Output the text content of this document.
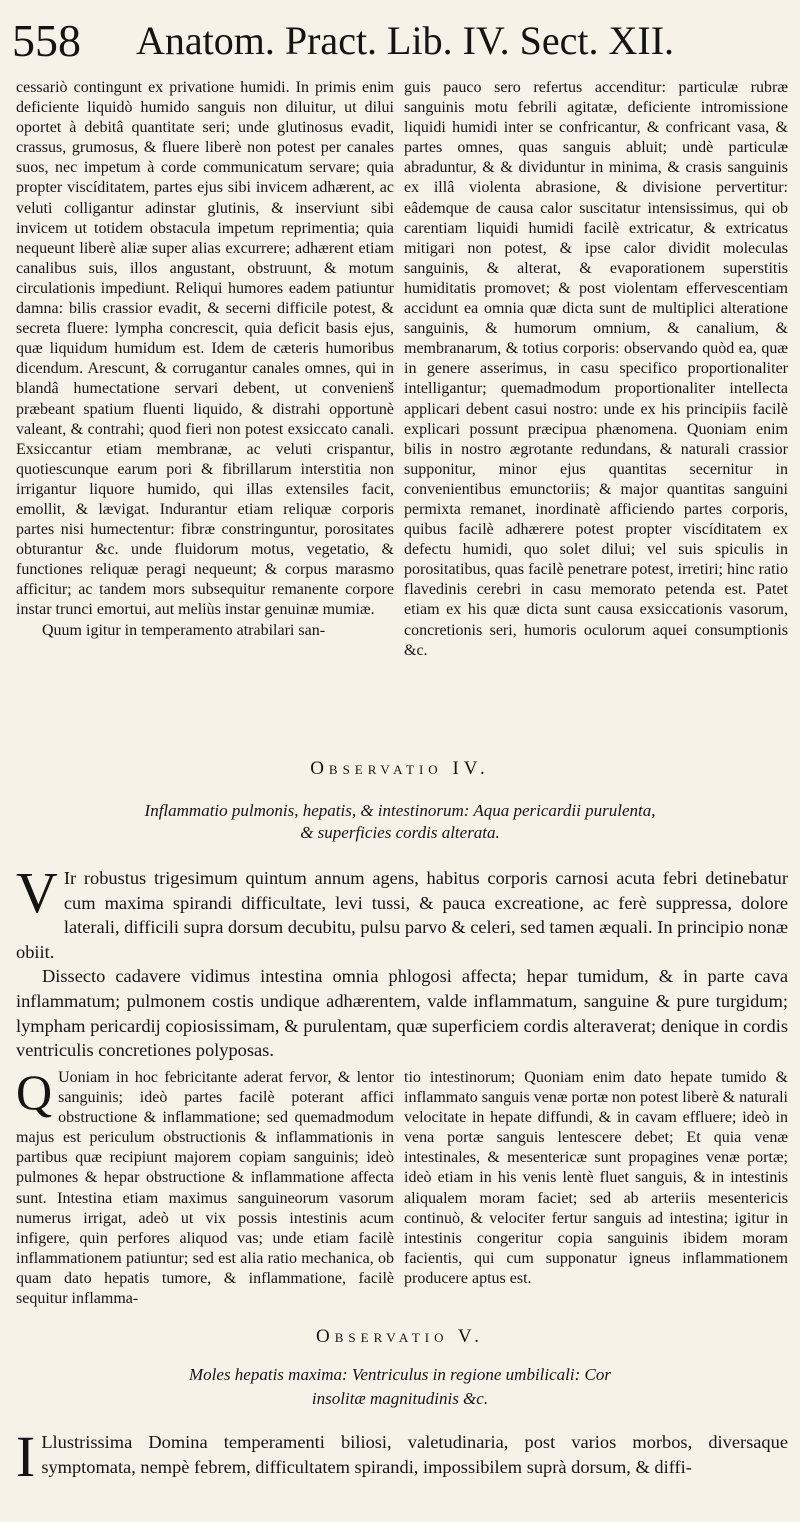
558 Anatom. Pract. Lib. IV. Sect. XII.

cessariò contingunt ex privatione humidi. In primis enim deficiente liquidò humido sanguis non diluitur, ut dilui oportet à debitâ quantitate seri; unde glutinosus evadit, crassus, grumosus, & fluere liberè non potest per canales suos, nec impetum à corde communicatum servare; quia propter viscíditatem, partes ejus sibi invicem adhærent, ac veluti colligantur adinstar glutinis, & inserviunt sibi invicem ut totidem obstacula impetum reprimentia; quia nequeunt liberè aliæ super alias excurrere; adhærent etiam canalibus suis, illos angustant, obstruunt, & motum circulationis impediunt. Reliqui humores eadem patiuntur damna: bilis crassior evadit, & secerni difficile potest, & secreta fluere: lympha concrescit, quia deficit basis ejus, quæ liquidum humidum est. Idem de cæteris humoribus dicendum. Arescunt, & corrugantur canales omnes, qui in blandâ humectatione servari debent, ut convenienš præbeant spatium fluenti liquido, & distrahi opportunè valeant, & contrahi; quod fieri non potest exsiccato canali. Exsiccantur etiam membranæ, ac veluti crispantur, quotiescunque earum pori & fibrillarum interstitia non irrigantur liquore humido, qui illas extensiles facit, emollit, & lævigat. Indurantur etiam reliquæ corporis partes nisi humectentur: fibræ constringuntur, porositates obturantur &c. unde fluidorum motus, vegetatio, & functiones reliquæ peragi nequeunt; & corpus marasmo afficitur; ac tandem mors subsequitur remanente corpore instar trunci emortui, aut meliùs instar genuinæ mumiæ.

Quum igitur in temperamento atrabilari san-

guis pauco sero refertus accenditur: particulæ rubræ sanguinis motu febrili agitatæ, deficiente intromissione liquidi humidi inter se confricantur, & confricant vasa, & partes omnes, quas sanguis abluit; undè particulæ abraduntur, & & dividuntur in minima, & crasis sanguinis ex illâ violenta abrasione, & divisione pervertitur: eâdemque de causa calor suscitatur intensissimus, qui ob carentiam liquidi humidi facilè extricatur, & extricatus mitigari non potest, & ipse calor dividit moleculas sanguinis, & alterat, & evaporationem superstitis humiditatis promovet; & post violentam effervescentiam accidunt ea omnia quæ dicta sunt de multiplici alteratione sanguinis, & humorum omnium, & canalium, & membranarum, & totius corporis: observando quòd ea, quæ in genere asserimus, in casu specifico proportionaliter intelligantur; quemadmodum proportionaliter intellecta applicari debent casui nostro: unde ex his principiis facilè explicari possunt præcipua phænomena. Quoniam enim bilis in nostro ægrotante redundans, & naturali crassior supponitur, minor ejus quantitas secernitur in convenientibus emunctoriis; & major quantitas sanguini permixta remanet, inordinatè afficiendo partes corporis, quibus facilè adhærere potest propter viscíditatem ex defectu humidi, quo solet dilui; vel suis spiculis in porositatibus, quas facilè penetrare potest, irretiri; hinc ratio flavedinis cerebri in casu memorato petenda est. Patet etiam ex his quæ dicta sunt causa exsiccationis vasorum, concretionis seri, humoris oculorum aquei consumptionis &c.

Observatio IV.
Inflammatio pulmonis, hepatis, & intestinorum: Aqua pericardii purulenta,
& superficies cordis alterata.

V Ir robustus trigesimum quintum annum agens, habitus corporis carnosi acuta febri detinebatur cum maxima spirandi difficultate, levi tussi, & pauca excreatione, ac ferè suppressa, dolore laterali, difficili supra dorsum decubitu, pulsu parvo & celeri, sed tamen æquali. In principio nonæ obiit.

Dissecto cadavere vidimus intestina omnia phlogosi affecta; hepar tumidum, & in parte cava inflammatum; pulmonem costis undique adhærentem, valde inflammatum, sanguine & pure turgidum; lympham pericardij copiosissimam, & purulentam, quæ superficiem cordis alteraverat; denique in cordis ventriculis concretiones polyposas.

Q Uoniam in hoc febricitante aderat fervor, & lentor sanguinis; ideò partes facilè poterant affici obstructione & inflammatione; sed quemadmodum majus est periculum obstructionis & inflammationis in partibus quæ recipiunt majorem copiam sanguinis; ideò pulmones & hepar obstructione & inflammatione affecta sunt. Intestina etiam maximus sanguineorum vasorum numerus irrigat, adeò ut vix possis intestinis acum infigere, quin perfores aliquod vas; unde etiam facilè inflammationem patiuntur; sed est alia ratio mechanica, ob quam dato hepatis tumore, & inflammatione, facilè sequitur inflamma-

tio intestinorum; Quoniam enim dato hepate tumido & inflammato sanguis venæ portæ non potest liberè & naturali velocitate in hepate diffundi, & in cavam effluere; ideò in vena portæ sanguis lentescere debet; Et quia venæ intestinales, & mesentericæ sunt propagines venæ portæ; ideò etiam in his venis lentè fluet sanguis, & in intestinis aliqualem moram faciet; sed ab arteriis mesentericis continuò, & velociter fertur sanguis ad intestina; igitur in intestinis congeritur copia sanguinis ibidem moram facientis, qui cum supponatur igneus inflammationem producere aptus est.

Observatio V.
Moles hepatis maxima: Ventriculus in regione umbilicali: Cor
insolitæ magnitudinis &c.

I Llustrissima Domina temperamenti biliosi, valetudinaria, post varios morbos, diversaque symptomata, nempè febrem, difficultatem spirandi, impossibilem suprà dorsum, & diffi-
